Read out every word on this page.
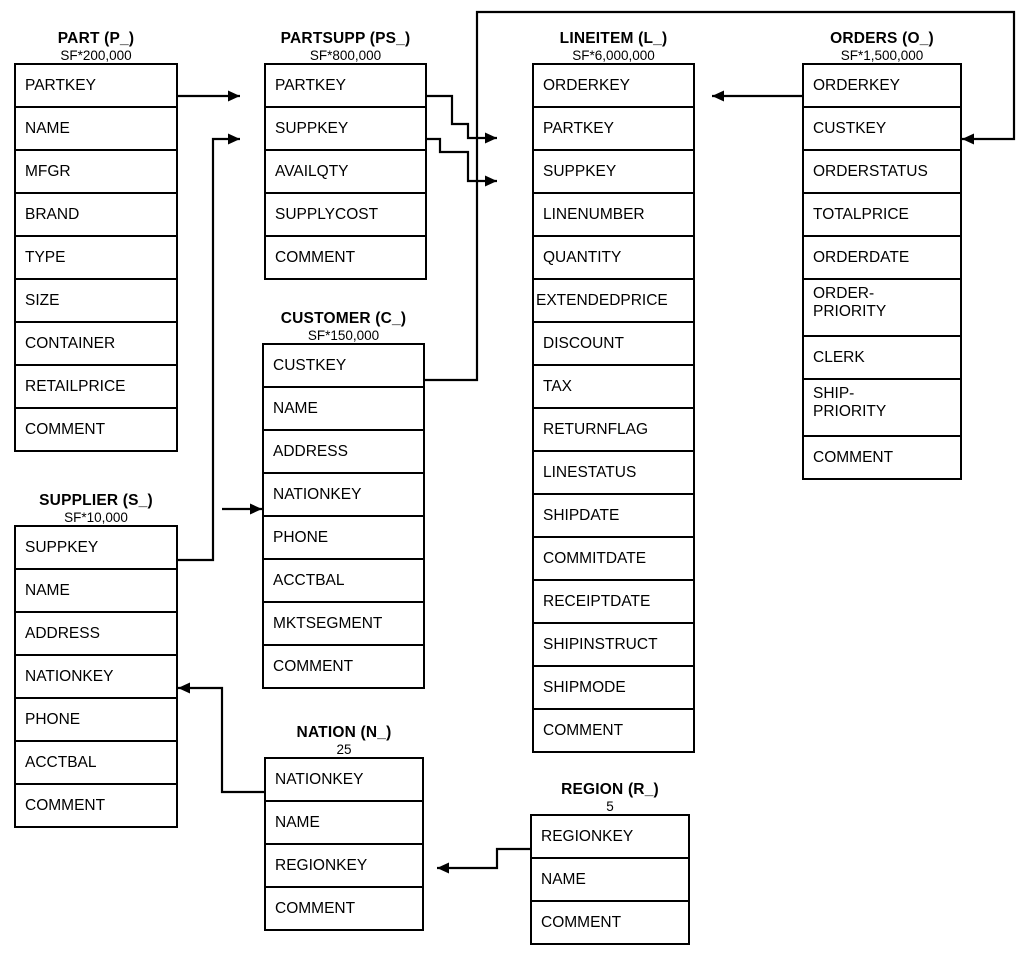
PART (P_)
SF*200,000
PARTKEY
NAME
MFGR
BRAND
TYPE
SIZE
CONTAINER
RETAILPRICE
COMMENT
PARTSUPP (PS_)
SF*800,000
PARTKEY
SUPPKEY
AVAILQTY
SUPPLYCOST
COMMENT
LINEITEM (L_)
SF*6,000,000
ORDERKEY
PARTKEY
SUPPKEY
LINENUMBER
QUANTITY
EXTENDEDPRICE
DISCOUNT
TAX
RETURNFLAG
LINESTATUS
SHIPDATE
COMMITDATE
RECEIPTDATE
SHIPINSTRUCT
SHIPMODE
COMMENT
ORDERS (O_)
SF*1,500,000
ORDERKEY
CUSTKEY
ORDERSTATUS
TOTALPRICE
ORDERDATE
ORDER-
PRIORITY
CLERK
SHIP-
PRIORITY
COMMENT
CUSTOMER (C_)
SF*150,000
CUSTKEY
NAME
ADDRESS
NATIONKEY
PHONE
ACCTBAL
MKTSEGMENT
COMMENT
SUPPLIER (S_)
SF*10,000
SUPPKEY
NAME
ADDRESS
NATIONKEY
PHONE
ACCTBAL
COMMENT
NATION (N_)
25
NATIONKEY
NAME
REGIONKEY
COMMENT
REGION (R_)
5
REGIONKEY
NAME
COMMENT
